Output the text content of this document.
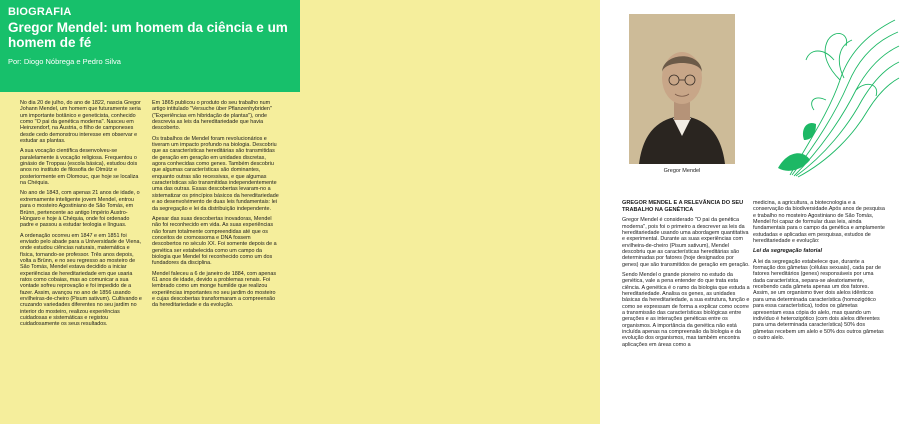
BIOGRAFIA
Gregor Mendel: um homem da ciência e um homem de fé
Por: Diogo Nóbrega e Pedro Silva

No dia 20 de julho, do ano de 1822, nascia Gregor Johann Mendel, um homem que futuramente seria um importante botânico e geneticista, conhecido como "O pai da genética moderna". Nasceu em Heinzendorf, na Áustria, o filho de camponeses desde cedo demonstrou interesse em observar e estudar as plantas.

A sua vocação científica desenvolveu-se paralelamente à vocação religiosa. Frequentou o ginásio de Troppau (escola básica), estudou dois anos no instituto de filosofia de Olmütz e posteriormente em Olomouc, que hoje se localiza na Chéquia.

No ano de 1843, com apenas 21 anos de idade, o extremamente inteligente jovem Mendel, entrou para o mosteiro Agostiniano de São Tomás, em Brünn, pertencente ao antigo Império Austro-Húngaro e hoje à Chéquia, onde foi ordenado padre e passou a estudar teologia e línguas.

A ordenação ocorreu em 1847 e em 1851 foi enviado pelo abade para a Universidade de Viena, onde estudou ciências naturais, matemática e física, tornando-se professor. Três anos depois, volta a Brünn, e no seu regresso ao mosteiro de São Tomás, Mendel estava decidido a iniciar experiências de hereditariedade em que usaria ratos como cobaias, mas ao comunicar a sua vontade sofreu reprovação e foi impedido de a fazer. Assim, avançou no ano de 1856 usando ervilheiras-de-cheiro (Pisum sativum). Cultivando e cruzando variedades diferentes no seu jardim no interior do mosteiro, realizou experiências cuidadosas e sistemáticas e registou cuidadosamente os seus resultados.

Em 1865 publicou o produto do seu trabalho num artigo intitulado "Versuche über Pflanzenhybriden" ("Experiências em hibridação de plantas"), onde descrevia as leis da hereditariedade que havia descoberto.

Os trabalhos de Mendel foram revolucionários e tiveram um impacto profundo na biologia. Descobriu que as características hereditárias são transmitidas de geração em geração em unidades discretas, agora conhecidas como genes. Também descobriu que algumas características são dominantes, enquanto outras são recessivas, e que algumas características são transmitidas independentemente uma das outras. Essas descobertas levaram-no a sistematizar os princípios básicos da hereditariedade e ao desenvolvimento de duas leis fundamentais: lei da segregação e lei da distribuição independente.

Apesar das suas descobertas inovadoras, Mendel não foi reconhecido em vida. As suas experiências não foram totalmente compreendidas até que os conceitos de cromossoma e DNA fossem descobertos no século XX. Foi somente depois de a genética ser estabelecida como um campo da biologia que Mendel foi reconhecido como um dos fundadores da disciplina.

Mendel faleceu a 6 de janeiro de 1884, com apenas 61 anos de idade, devido a problemas renais. Foi lembrado como um monge humilde que realizou experiências importantes no seu jardim do mosteiro e cujas descobertas transformaram a compreensão da hereditariedade e da evolução.

Gregor Mendel
GREGOR MENDEL E A RELEVÂNCIA DO SEU TRABALHO NA GENÉTICA

Gregor Mendel é considerado "O pai da genética moderna", pois foi o primeiro a descrever as leis da hereditariedade usando uma abordagem quantitativa e experimental. Durante as suas experiências com ervilheira-de-cheiro (Pisum sativum), Mendel descobriu que as características hereditárias são determinadas por fatores (hoje designados por genes) que são transmitidos de geração em geração.

Sendo Mendel o grande pioneiro no estudo da genética, vale a pena entender do que trata esta ciência. A genética é o ramo da biologia que estuda a hereditariedade. Analisa os genes, as unidades básicas da hereditariedade, a sua estrutura, função e como se expressam de forma a explicar como ocorre a transmissão das características biológicas entre gerações e as interações genéticas entre os organismos. A importância da genética não está incluída apenas na compreensão da biologia e da evolução dos organismos, mas também encontra aplicações em áreas como a

medicina, a agricultura, a biotecnologia e a conservação da biodiversidade.Após anos de pesquisa e trabalho no mosteiro Agostiniano de São Tomás, Mendel foi capaz de formular duas leis, ainda fundamentais para o campo da genética e amplamente estudadas e aplicadas em pesquisas, estudos de hereditariedade e evolução:

Lei da segregação fatorial

A lei da segregação estabelece que, durante a formação dos gâmetas (células sexuais), cada par de fatores hereditários (genes) responsáveis por uma dada característica, separa-se aleatoriamente, recebendo cada gâmeta apenas um dos fatores. Assim, se um organismo tiver dois alelos idênticos para uma determinada característica (homozigótico para essa característica), todos os gâmetas apresentam essa cópia do alelo, mas quando um indivíduo é heterozigótico (com dois alelos diferentes para uma determinada característica) 50% dos gâmetas recebem um alelo e 50% dos outros gâmetas o outro alelo.
